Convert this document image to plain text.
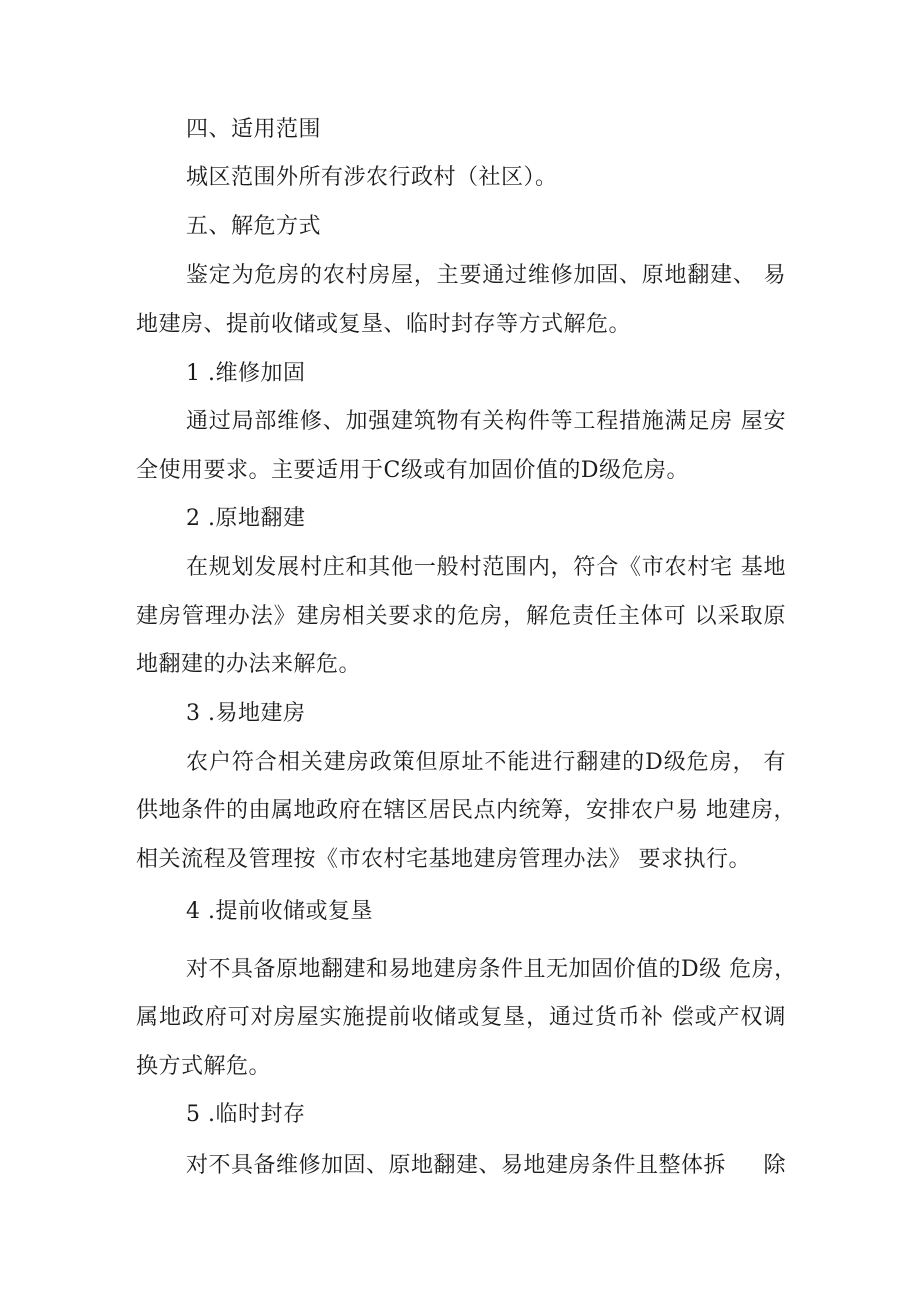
四、适用范围
城区范围外所有涉农行政村（社区）。
五、解危方式
鉴定为危房的农村房屋，主要通过维修加固、原地翻建、 易
地建房、提前收储或复垦、临时封存等方式解危。
1 .维修加固
通过局部维修、加强建筑物有关构件等工程措施满足房 屋安
全使用要求。主要适用于C级或有加固价值的D级危房。
2 .原地翻建
在规划发展村庄和其他一般村范围内，符合《市农村宅 基地
建房管理办法》建房相关要求的危房，解危责任主体可 以采取原
地翻建的办法来解危。
3 .易地建房
农户符合相关建房政策但原址不能进行翻建的D级危房， 有
供地条件的由属地政府在辖区居民点内统筹，安排农户易 地建房，
相关流程及管理按《市农村宅基地建房管理办法》 要求执行。
4 .提前收储或复垦
对不具备原地翻建和易地建房条件且无加固价值的D级 危房，
属地政府可对房屋实施提前收储或复垦，通过货币补 偿或产权调
换方式解危。
5 .临时封存
对不具备维修加固、原地翻建、易地建房条件且整体拆     除
